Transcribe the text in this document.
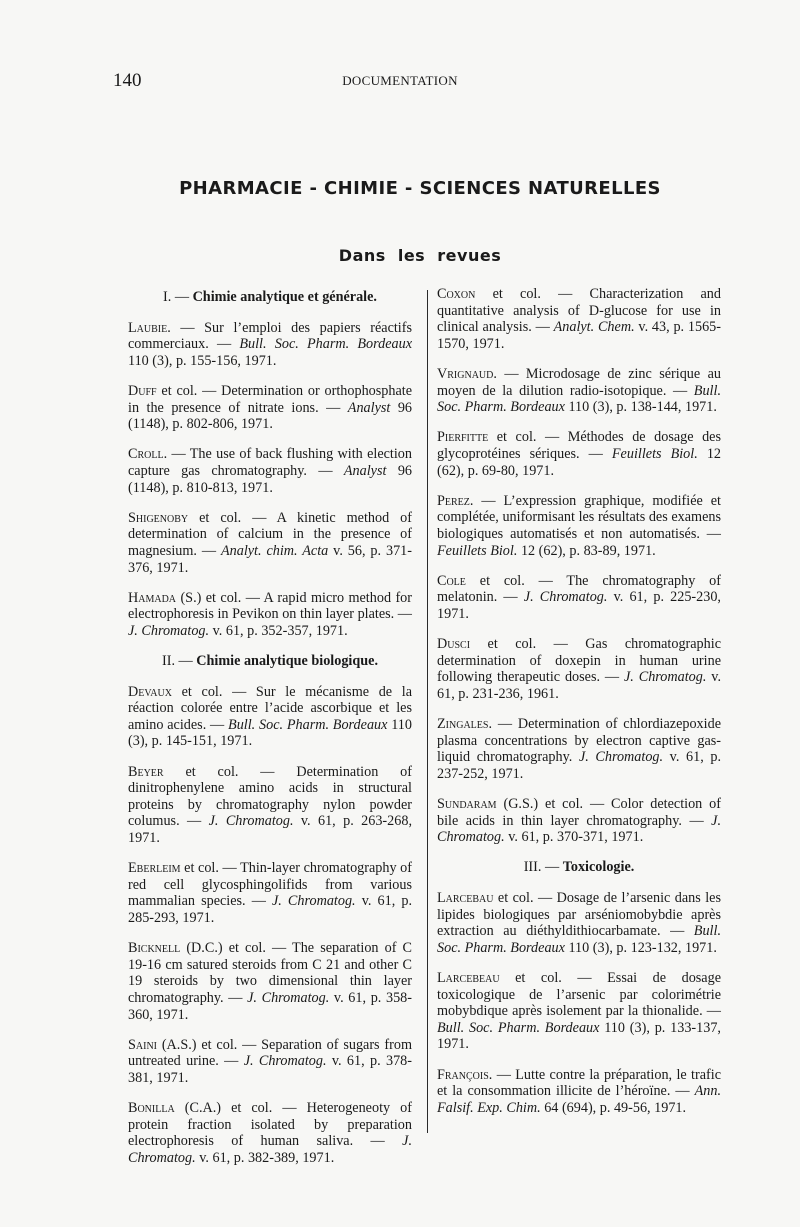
140	DOCUMENTATION
PHARMACIE - CHIMIE - SCIENCES NATURELLES
Dans les revues
I. — Chimie analytique et générale.
Laubie. — Sur l’emploi des papiers réactifs commerciaux. — Bull. Soc. Pharm. Bordeaux 110 (3), p. 155-156, 1971.
Duff et col. — Determination or orthophosphate in the presence of nitrate ions. — Analyst 96 (1148), p. 802-806, 1971.
Croll. — The use of back flushing with election capture gas chromatography. — Analyst 96 (1148), p. 810-813, 1971.
Shigenoby et col. — A kinetic method of determination of calcium in the presence of magnesium. — Analyt. chim. Acta v. 56, p. 371-376, 1971.
Hamada (S.) et col. — A rapid micro method for electrophoresis in Pevikon on thin layer plates. — J. Chromatog. v. 61, p. 352-357, 1971.
II. — Chimie analytique biologique.
Devaux et col. — Sur le mécanisme de la réaction colorée entre l’acide ascorbique et les amino acides. — Bull. Soc. Pharm. Bordeaux 110 (3), p. 145-151, 1971.
Beyer et col. — Determination of dinitrophenylene amino acids in structural proteins by chromatography nylon powder columus. — J. Chromatog. v. 61, p. 263-268, 1971.
Eberleim et col. — Thin-layer chromatography of red cell glycosphingolifids from various mammalian species. — J. Chromatog. v. 61, p. 285-293, 1971.
Bicknell (D.C.) et col. — The separation of C 19-16 cm satured steroids from C 21 and other C 19 steroids by two dimensional thin layer chromatography. — J. Chromatog. v. 61, p. 358-360, 1971.
Saini (A.S.) et col. — Separation of sugars from untreated urine. — J. Chromatog. v. 61, p. 378-381, 1971.
Bonilla (C.A.) et col. — Heterogeneoty of protein fraction isolated by preparation electrophoresis of human saliva. — J. Chromatog. v. 61, p. 382-389, 1971.
Coxon et col. — Characterization and quantitative analysis of D-glucose for use in clinical analysis. — Analyt. Chem. v. 43, p. 1565-1570, 1971.
Vrignaud. — Microdosage de zinc sérique au moyen de la dilution radio-isotopique. — Bull. Soc. Pharm. Bordeaux 110 (3), p. 138-144, 1971.
Pierfitte et col. — Méthodes de dosage des glycoprotéines sériques. — Feuillets Biol. 12 (62), p. 69-80, 1971.
Perez. — L’expression graphique, modifiée et complétée, uniformisant les résultats des examens biologiques automatisés et non automatisés. — Feuillets Biol. 12 (62), p. 83-89, 1971.
Cole et col. — The chromatography of melatonin. — J. Chromatog. v. 61, p. 225-230, 1971.
Dusci et col. — Gas chromatographic determination of doxepin in human urine following therapeutic doses. — J. Chromatog. v. 61, p. 231-236, 1961.
Zingales. — Determination of chlordiazepoxide plasma concentrations by electron captive gas-liquid chromatography. J. Chromatog. v. 61, p. 237-252, 1971.
Sundaram (G.S.) et col. — Color detection of bile acids in thin layer chromatography. — J. Chromatog. v. 61, p. 370-371, 1971.
III. — Toxicologie.
Larcebau et col. — Dosage de l’arsenic dans les lipides biologiques par arséniomobybdie après extraction au diéthyldithiocarbamate. — Bull. Soc. Pharm. Bordeaux 110 (3), p. 123-132, 1971.
Larcebeau et col. — Essai de dosage toxicologique de l’arsenic par colorimétrie mobybdique après isolement par la thionalide. — Bull. Soc. Pharm. Bordeaux 110 (3), p. 133-137, 1971.
François. — Lutte contre la préparation, le trafic et la consommation illicite de l’héroïne. — Ann. Falsif. Exp. Chim. 64 (694), p. 49-56, 1971.
